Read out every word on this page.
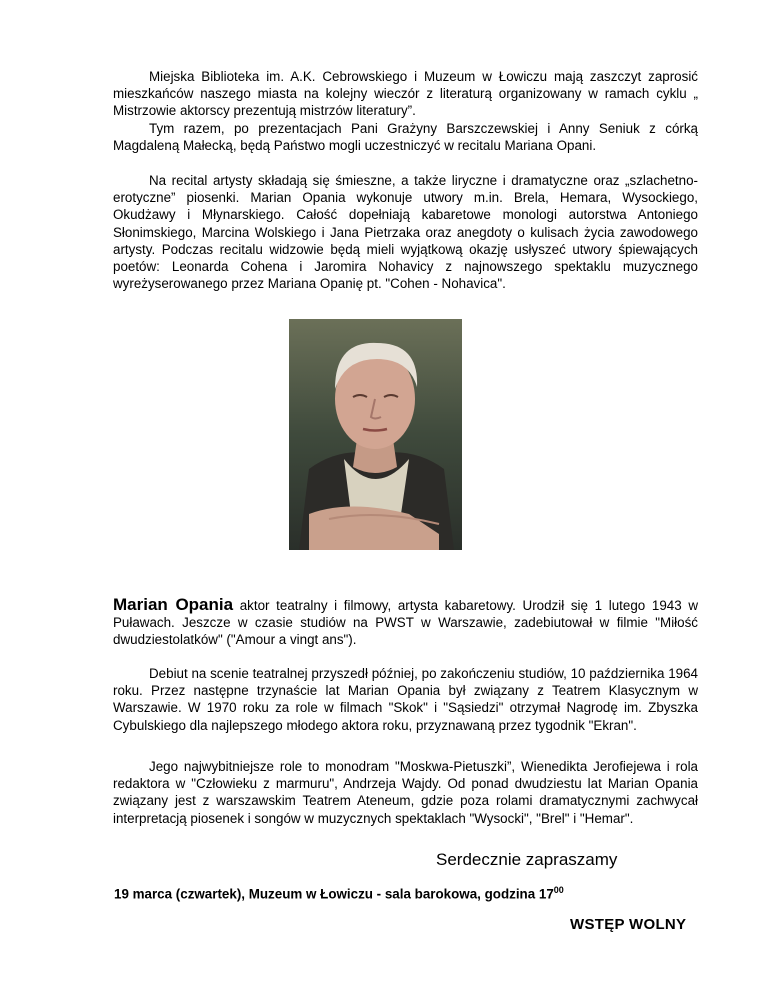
Miejska Biblioteka im. A.K. Cebrowskiego i Muzeum w Łowiczu mają zaszczyt zaprosić mieszkańców naszego miasta na kolejny wieczór z literaturą organizowany w ramach cyklu „ Mistrzowie aktorscy prezentują mistrzów literatury”.

Tym razem, po prezentacjach Pani Grażyny Barszczewskiej i Anny Seniuk z córką Magdaleną Małecką, będą Państwo mogli uczestniczyć w recitalu Mariana Opani.

Na recital artysty składają się śmieszne, a także liryczne i dramatyczne oraz „szlachetno-erotyczne” piosenki. Marian Opania wykonuje utwory m.in. Brela, Hemara, Wysockiego, Okudżawy i Młynarskiego. Całość dopełniają kabaretowe monologi autorstwa Antoniego Słonimskiego, Marcina Wolskiego i Jana Pietrzaka oraz anegdoty o kulisach życia zawodowego artysty. Podczas recitalu widzowie będą mieli wyjątkową okazję usłyszeć utwory śpiewających poetów: Leonarda Cohena i Jaromira Nohavicy z najnowszego spektaklu muzycznego wyreżyserowanego przez Mariana Opanię pt. "Cohen - Nohavica".

Marian Opania aktor teatralny i filmowy, artysta kabaretowy. Urodził się 1 lutego 1943 w Puławach. Jeszcze w czasie studiów na PWST w Warszawie, zadebiutował w filmie "Miłość dwudziestolatków" ("Amour a vingt ans").

Debiut na scenie teatralnej przyszedł później, po zakończeniu studiów, 10 października 1964 roku. Przez następne trzynaście lat Marian Opania był związany z Teatrem Klasycznym w Warszawie. W 1970 roku za role w filmach "Skok" i "Sąsiedzi" otrzymał Nagrodę im. Zbyszka Cybulskiego dla najlepszego młodego aktora roku, przyznawaną przez tygodnik "Ekran".

Jego najwybitniejsze role to monodram "Moskwa-Pietuszki”, Wienedikta Jerofiejewa i rola redaktora w "Człowieku z marmuru", Andrzeja Wajdy. Od ponad dwudziestu lat Marian Opania związany jest z warszawskim Teatrem Ateneum, gdzie poza rolami dramatycznymi zachwycał interpretacją piosenek i songów w muzycznych spektaklach "Wysocki", "Brel" i "Hemar".

Serdecznie zapraszamy
19 marca (czwartek), Muzeum w Łowiczu - sala barokowa, godzina $17^{00}$
WSTĘP WOLNY
